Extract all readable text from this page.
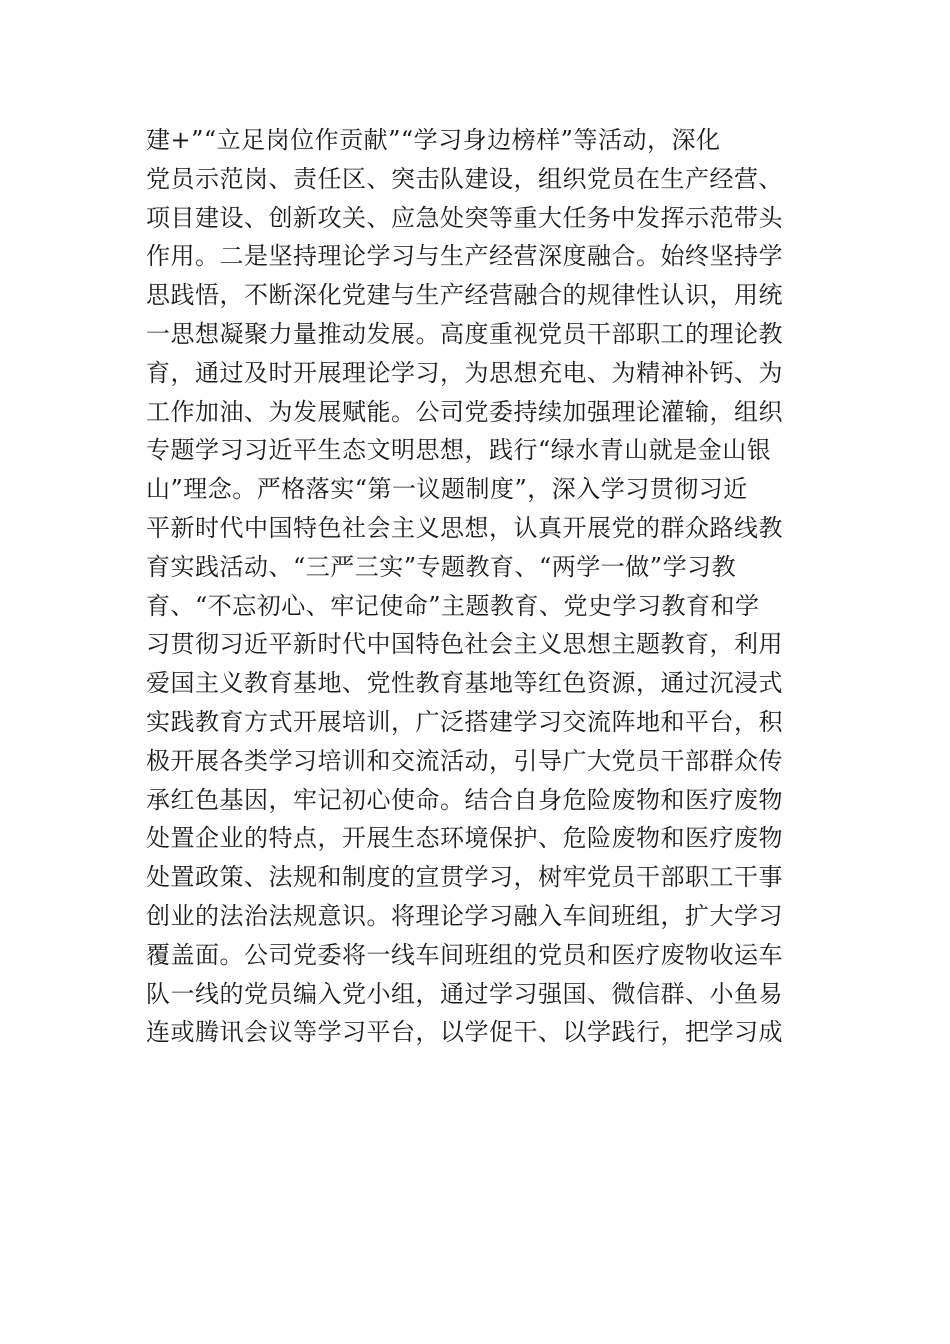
建+”“立足岗位作贡献”“学习身边榜样”等活动，深化
党员示范岗、责任区、突击队建设，组织党员在生产经营、
项目建设、创新攻关、应急处突等重大任务中发挥示范带头
作用。二是坚持理论学习与生产经营深度融合。始终坚持学
思践悟，不断深化党建与生产经营融合的规律性认识，用统
一思想凝聚力量推动发展。高度重视党员干部职工的理论教
育，通过及时开展理论学习，为思想充电、为精神补钙、为
工作加油、为发展赋能。公司党委持续加强理论灌输，组织
专题学习习近平生态文明思想，践行“绿水青山就是金山银
山”理念。严格落实“第一议题制度”，深入学习贯彻习近
平新时代中国特色社会主义思想，认真开展党的群众路线教
育实践活动、“三严三实”专题教育、“两学一做”学习教
育、“不忘初心、牢记使命”主题教育、党史学习教育和学
习贯彻习近平新时代中国特色社会主义思想主题教育，利用
爱国主义教育基地、党性教育基地等红色资源，通过沉浸式
实践教育方式开展培训，广泛搭建学习交流阵地和平台，积
极开展各类学习培训和交流活动，引导广大党员干部群众传
承红色基因，牢记初心使命。结合自身危险废物和医疗废物
处置企业的特点，开展生态环境保护、危险废物和医疗废物
处置政策、法规和制度的宣贯学习，树牢党员干部职工干事
创业的法治法规意识。将理论学习融入车间班组，扩大学习
覆盖面。公司党委将一线车间班组的党员和医疗废物收运车
队一线的党员编入党小组，通过学习强国、微信群、小鱼易
连或腾讯会议等学习平台，以学促干、以学践行，把学习成
